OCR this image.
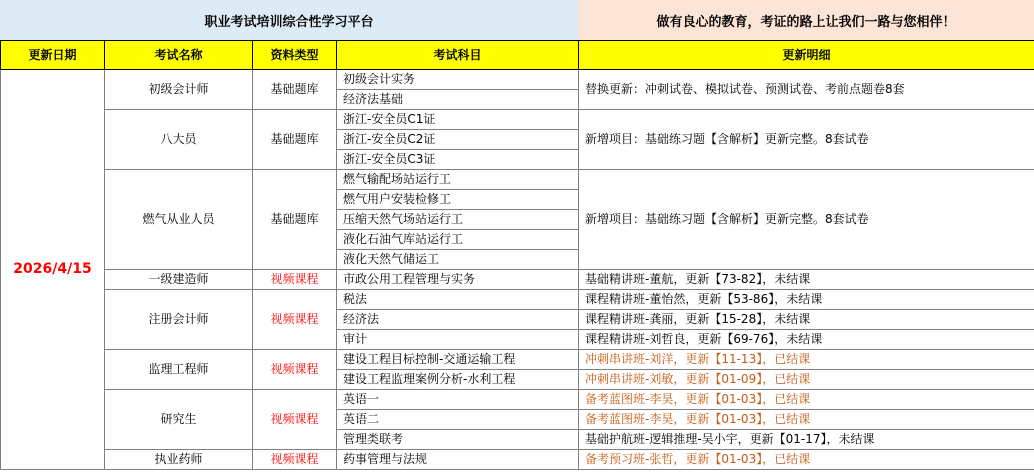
职业考试培训综合性学习平台	做有良心的教育，考证的路上让我们一路与您相伴！
更新日期	考试名称	资料类型	考试科目	更新明细
2026/4/15	初级会计师	基础题库	初级会计实务	替换更新：冲刺试卷、模拟试卷、预测试卷、考前点题卷8套
			经济法基础	
	八大员	基础题库	浙江-安全员C1证	新增项目：基础练习题【含解析】更新完整。8套试卷
			浙江-安全员C2证	
			浙江-安全员C3证	
	燃气从业人员	基础题库	燃气输配场站运行工	新增项目：基础练习题【含解析】更新完整。8套试卷
			燃气用户安装检修工	
			压缩天然气场站运行工	
			液化石油气库站运行工	
			液化天然气储运工	
	一级建造师	视频课程	市政公用工程管理与实务	基础精讲班-董航，更新【73-82】，未结课
	注册会计师	视频课程	税法	课程精讲班-董怡然，更新【53-86】，未结课
			经济法	课程精讲班-龚丽，更新【15-28】，未结课
			审计	课程精讲班-刘哲良，更新【69-76】，未结课
	监理工程师	视频课程	建设工程目标控制-交通运输工程	冲刺串讲班-刘洋，更新【11-13】，已结课
			建设工程监理案例分析-水利工程	冲刺串讲班-刘敏，更新【01-09】，已结课
	研究生	视频课程	英语一	备考蓝图班-李昊，更新【01-03】，已结课
			英语二	备考蓝图班-李昊，更新【01-03】，已结课
			管理类联考	基础护航班-逻辑推理-吴小宇，更新【01-17】，未结课
	执业药师	视频课程	药事管理与法规	备考预习班-张哲，更新【01-03】，已结课
